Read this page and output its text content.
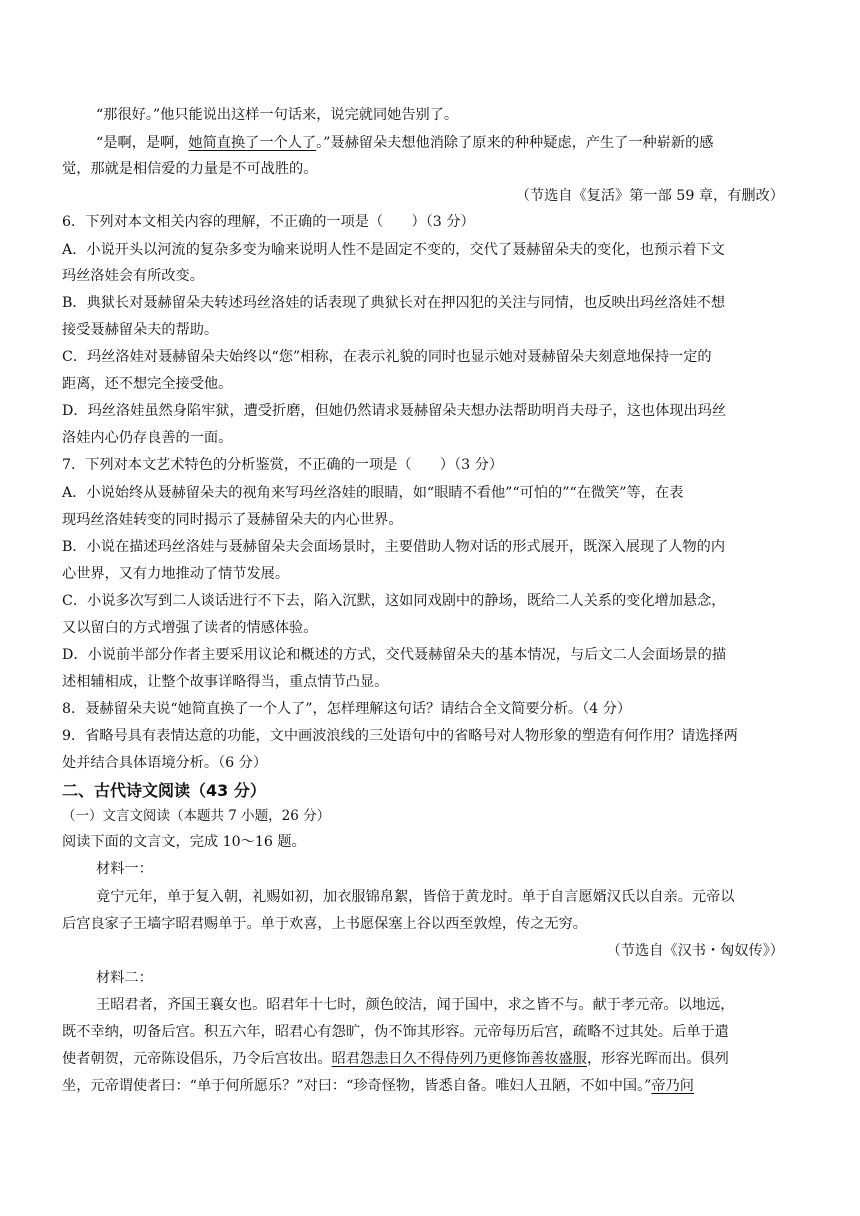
“那很好。”他只能说出这样一句话来，说完就同她告别了。
“是啊，是啊，她简直换了一个人了。”聂赫留朵夫想他消除了原来的种种疑虑，产生了一种崭新的感
觉，那就是相信爱的力量是不可战胜的。
（节选自《复活》第一部 59 章，有删改）
6．下列对本文相关内容的理解，不正确的一项是（　　）（3 分）
A．小说开头以河流的复杂多变为喻来说明人性不是固定不变的，交代了聂赫留朵夫的变化，也预示着下文
玛丝洛娃会有所改变。
B．典狱长对聂赫留朵夫转述玛丝洛娃的话表现了典狱长对在押囚犯的关注与同情，也反映出玛丝洛娃不想
接受聂赫留朵夫的帮助。
C．玛丝洛娃对聂赫留朵夫始终以“您”相称，在表示礼貌的同时也显示她对聂赫留朵夫刻意地保持一定的
距离，还不想完全接受他。
D．玛丝洛娃虽然身陷牢狱，遭受折磨，但她仍然请求聂赫留朵夫想办法帮助明肖夫母子，这也体现出玛丝
洛娃内心仍存良善的一面。
7．下列对本文艺术特色的分析鉴赏，不正确的一项是（　　）（3 分）
A．小说始终从聂赫留朵夫的视角来写玛丝洛娃的眼睛，如“眼睛不看他”“可怕的”“在微笑”等，在表
现玛丝洛娃转变的同时揭示了聂赫留朵夫的内心世界。
B．小说在描述玛丝洛娃与聂赫留朵夫会面场景时，主要借助人物对话的形式展开，既深入展现了人物的内
心世界，又有力地推动了情节发展。
C．小说多次写到二人谈话进行不下去，陷入沉默，这如同戏剧中的静场，既给二人关系的变化增加悬念，
又以留白的方式增强了读者的情感体验。
D．小说前半部分作者主要采用议论和概述的方式，交代聂赫留朵夫的基本情况，与后文二人会面场景的描
述相辅相成，让整个故事详略得当，重点情节凸显。
8．聂赫留朵夫说“她简直换了一个人了”，怎样理解这句话？请结合全文简要分析。（4 分）
9．省略号具有表情达意的功能，文中画波浪线的三处语句中的省略号对人物形象的塑造有何作用？请选择两
处并结合具体语境分析。（6 分）
二、古代诗文阅读（43 分）
（一）文言文阅读（本题共 7 小题，26 分）
阅读下面的文言文，完成 10～16 题。
材料一：
竟宁元年，单于复入朝，礼赐如初，加衣服锦帛絮，皆倍于黄龙时。单于自言愿婿汉氏以自亲。元帝以
后宫良家子王墙字昭君赐单于。单于欢喜，上书愿保塞上谷以西至敦煌，传之无穷。
（节选自《汉书・匈奴传》）
材料二：
王昭君者，齐国王襄女也。昭君年十七时，颜色皎洁，闻于国中，求之皆不与。献于孝元帝。以地远，
既不幸纳，叨备后宫。积五六年，昭君心有怨旷，伪不饰其形容。元帝每历后宫，疏略不过其处。后单于遣
使者朝贺，元帝陈设倡乐，乃令后宫妆出。昭君怨恚日久不得侍列乃更修饰善妆盛服，形容光晖而出。俱列
坐，元帝谓使者曰：“单于何所愿乐？”对曰：“珍奇怪物，皆悉自备。唯妇人丑陋，不如中国。”帝乃问
